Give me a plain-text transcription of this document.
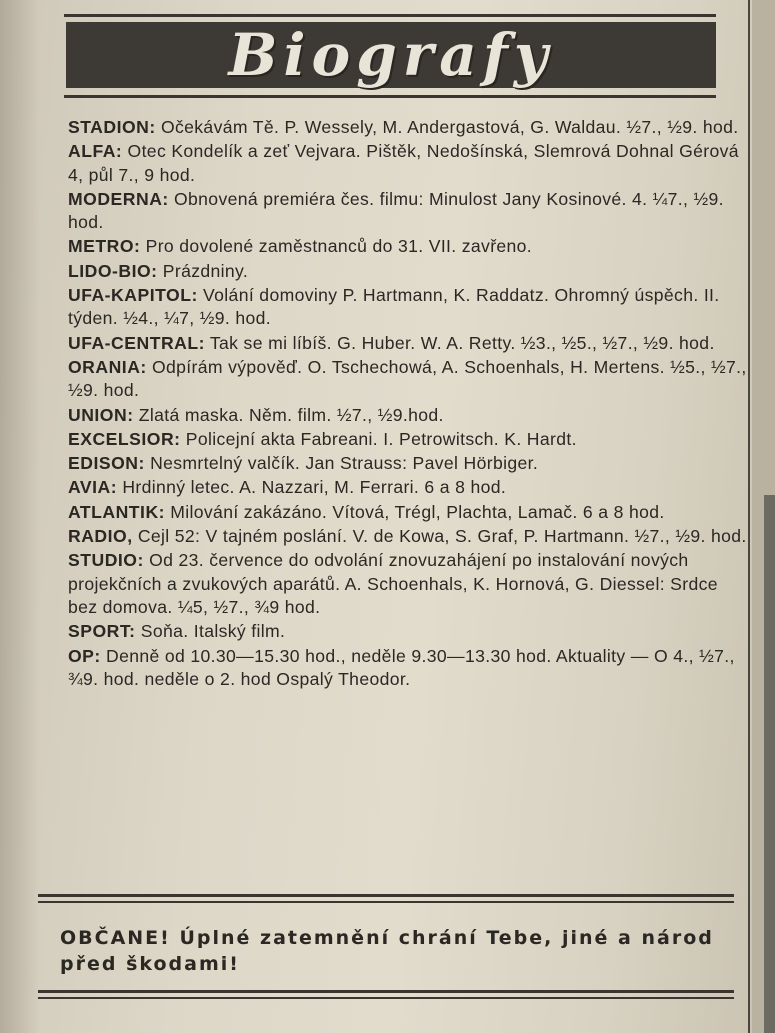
Biografy
STADION: Očekávám Tě. P. Wessely, M. Andergastová, G. Waldau. ½7., ½9. hod.
ALFA: Otec Kondelík a zeť Vejvara. Pištěk, Nedošínská, Slemrová Dohnal Gérová 4, půl 7., 9 hod.
MODERNA: Obnovená premiéra čes. filmu: Minulost Jany Kosinové. 4. ¼7., ½9. hod.
METRO: Pro dovolené zaměstnanců do 31. VII. zavřeno.
LIDO-BIO: Prázdniny.
UFA-KAPITOL: Volání domoviny P. Hartmann, K. Raddatz. Ohromný úspěch. II. týden. ½4., ¼7, ½9. hod.
UFA-CENTRAL: Tak se mi líbíš. G. Huber. W. A. Retty. ½3., ½5., ½7., ½9. hod.
ORANIA: Odpírám výpověď. O. Tschechowá, A. Schoenhals, H. Mertens. ½5., ½7., ½9. hod.
UNION: Zlatá maska. Něm. film. ½7., ½9.hod.
EXCELSIOR: Policejní akta Fabreani. I. Petrowitsch. K. Hardt.
EDISON: Nesmrtelný valčík. Jan Strauss: Pavel Hörbiger.
AVIA: Hrdinný letec. A. Nazzari, M. Ferrari. 6 a 8 hod.
ATLANTIK: Milování zakázáno. Vítová, Trégl, Plachta, Lamač. 6 a 8 hod.
RADIO, Cejl 52: V tajném poslání. V. de Kowa, S. Graf, P. Hartmann. ½7., ½9. hod.
STUDIO: Od 23. července do odvolání znovuzahájení po instalování nových projekčních a zvukových aparátů. A. Schoenhals, K. Hornová, G. Diessel: Srdce bez domova. ¼5, ½7., ¾9 hod.
SPORT: Soňa. Italský film.
OP: Denně od 10.30—15.30 hod., neděle 9.30—13.30 hod. Aktuality — O 4., ½7., ¾9. hod. neděle o 2. hod Ospalý Theodor.
OBČANE! Úplné zatemnění chrání Tebe, jiné a národ před škodami!
